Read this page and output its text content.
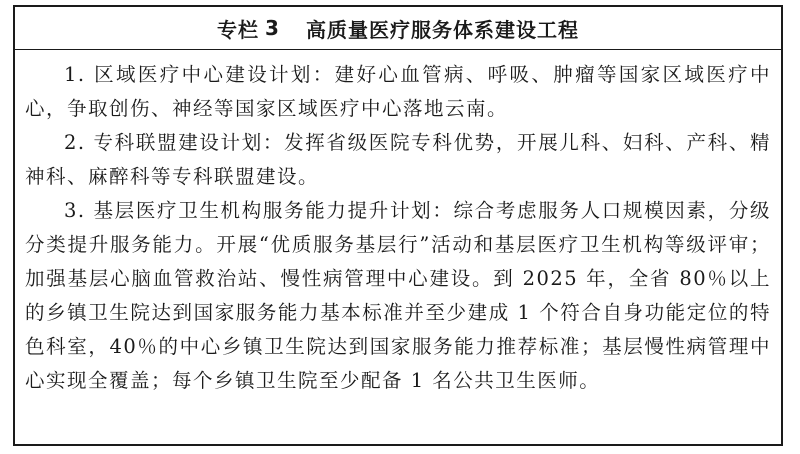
专栏 3 高质量医疗服务体系建设工程

1. 区域医疗中心建设计划：建好心血管病、呼吸、肿瘤等国家区域医疗中心，争取创伤、神经等国家区域医疗中心落地云南。

2. 专科联盟建设计划：发挥省级医院专科优势，开展儿科、妇科、产科、精神科、麻醉科等专科联盟建设。

3. 基层医疗卫生机构服务能力提升计划：综合考虑服务人口规模因素，分级分类提升服务能力。开展“优质服务基层行”活动和基层医疗卫生机构等级评审；加强基层心脑血管救治站、慢性病管理中心建设。到 2025 年，全省 80％以上的乡镇卫生院达到国家服务能力基本标准并至少建成 1 个符合自身功能定位的特色科室，40％的中心乡镇卫生院达到国家服务能力推荐标准；基层慢性病管理中心实现全覆盖；每个乡镇卫生院至少配备 1 名公共卫生医师。
